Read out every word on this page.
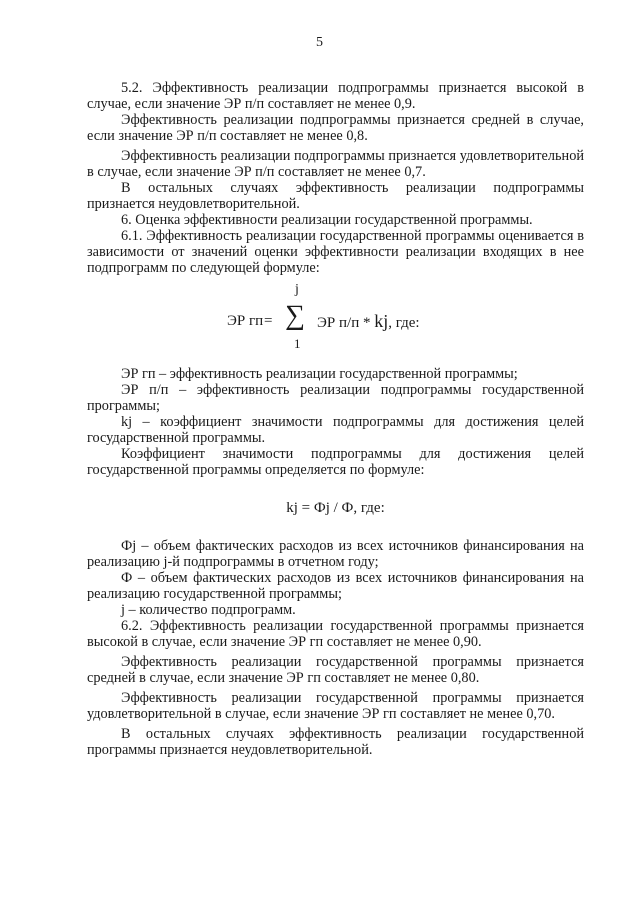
5

5.2. Эффективность реализации подпрограммы признается высокой в случае, если значение ЭР п/п составляет не менее 0,9.

Эффективность реализации подпрограммы признается средней в случае, если значение ЭР п/п составляет не менее 0,8.

Эффективность реализации подпрограммы признается удовлетворительной в случае, если значение ЭР п/п составляет не менее 0,7.

В остальных случаях эффективность реализации подпрограммы признается неудовлетворительной.

6. Оценка эффективности реализации государственной программы.

6.1. Эффективность реализации государственной программы оценивается в зависимости от значений оценки эффективности реализации входящих в нее подпрограмм по следующей формуле:

ЭР гп =
j
∑
1
ЭР п/п * kj, где:

ЭР гп – эффективность реализации государственной программы;

ЭР п/п – эффективность реализации подпрограммы государственной программы;

kj – коэффициент значимости подпрограммы для достижения целей государственной программы.

Коэффициент значимости подпрограммы для достижения целей государственной программы определяется по формуле:

kj = Фj / Ф, где:

Фj – объем фактических расходов из всех источников финансирования на реализацию j-й подпрограммы в отчетном году;

Ф – объем фактических расходов из всех источников финансирования на реализацию государственной программы;

j – количество подпрограмм.

6.2. Эффективность реализации государственной программы признается высокой в случае, если значение ЭР гп составляет не менее 0,90.

Эффективность реализации государственной программы признается средней в случае, если значение ЭР гп составляет не менее 0,80.

Эффективность реализации государственной программы признается удовлетворительной в случае, если значение ЭР гп составляет не менее 0,70.

В остальных случаях эффективность реализации государственной программы признается неудовлетворительной.
